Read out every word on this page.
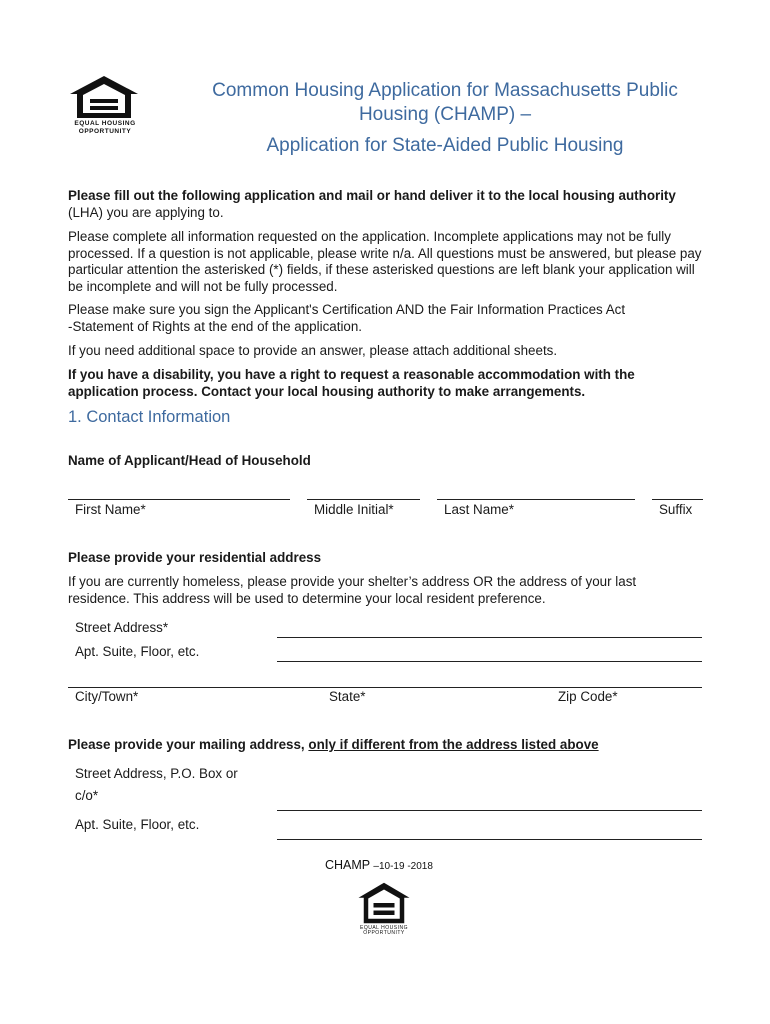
EQUAL HOUSING
OPPORTUNITY
Common Housing Application for Massachusetts Public
Housing (CHAMP) –
Application for State-Aided Public Housing

Please fill out the following application and mail or hand deliver it to the local housing authority
(LHA) you are applying to.

Please complete all information requested on the application. Incomplete applications may not be fully processed. If a question is not applicable, please write n/a. All questions must be answered, but please pay particular attention the asterisked (*) fields, if these asterisked questions are left blank your application will be incomplete and will not be fully processed.

Please make sure you sign the Applicant's Certification AND the Fair Information Practices Act
-Statement of Rights at the end of the application.

If you need additional space to provide an answer, please attach additional sheets.

If you have a disability, you have a right to request a reasonable accommodation with the application process. Contact your local housing authority to make arrangements.

1. Contact Information
Name of Applicant/Head of Household
First Name*	Middle Initial*	Last Name*	Suffix
Please provide your residential address

If you are currently homeless, please provide your shelter’s address OR the address of your last residence. This address will be used to determine your local resident preference.

Street Address*
Apt. Suite, Floor, etc.
City/Town*	State*	Zip Code*
Please provide your mailing address, only if different from the address listed above
Street Address, P.O. Box or
c/o*
Apt. Suite, Floor, etc.
CHAMP –10-19 -2018
EQUAL HOUSING
OPPORTUNITY
